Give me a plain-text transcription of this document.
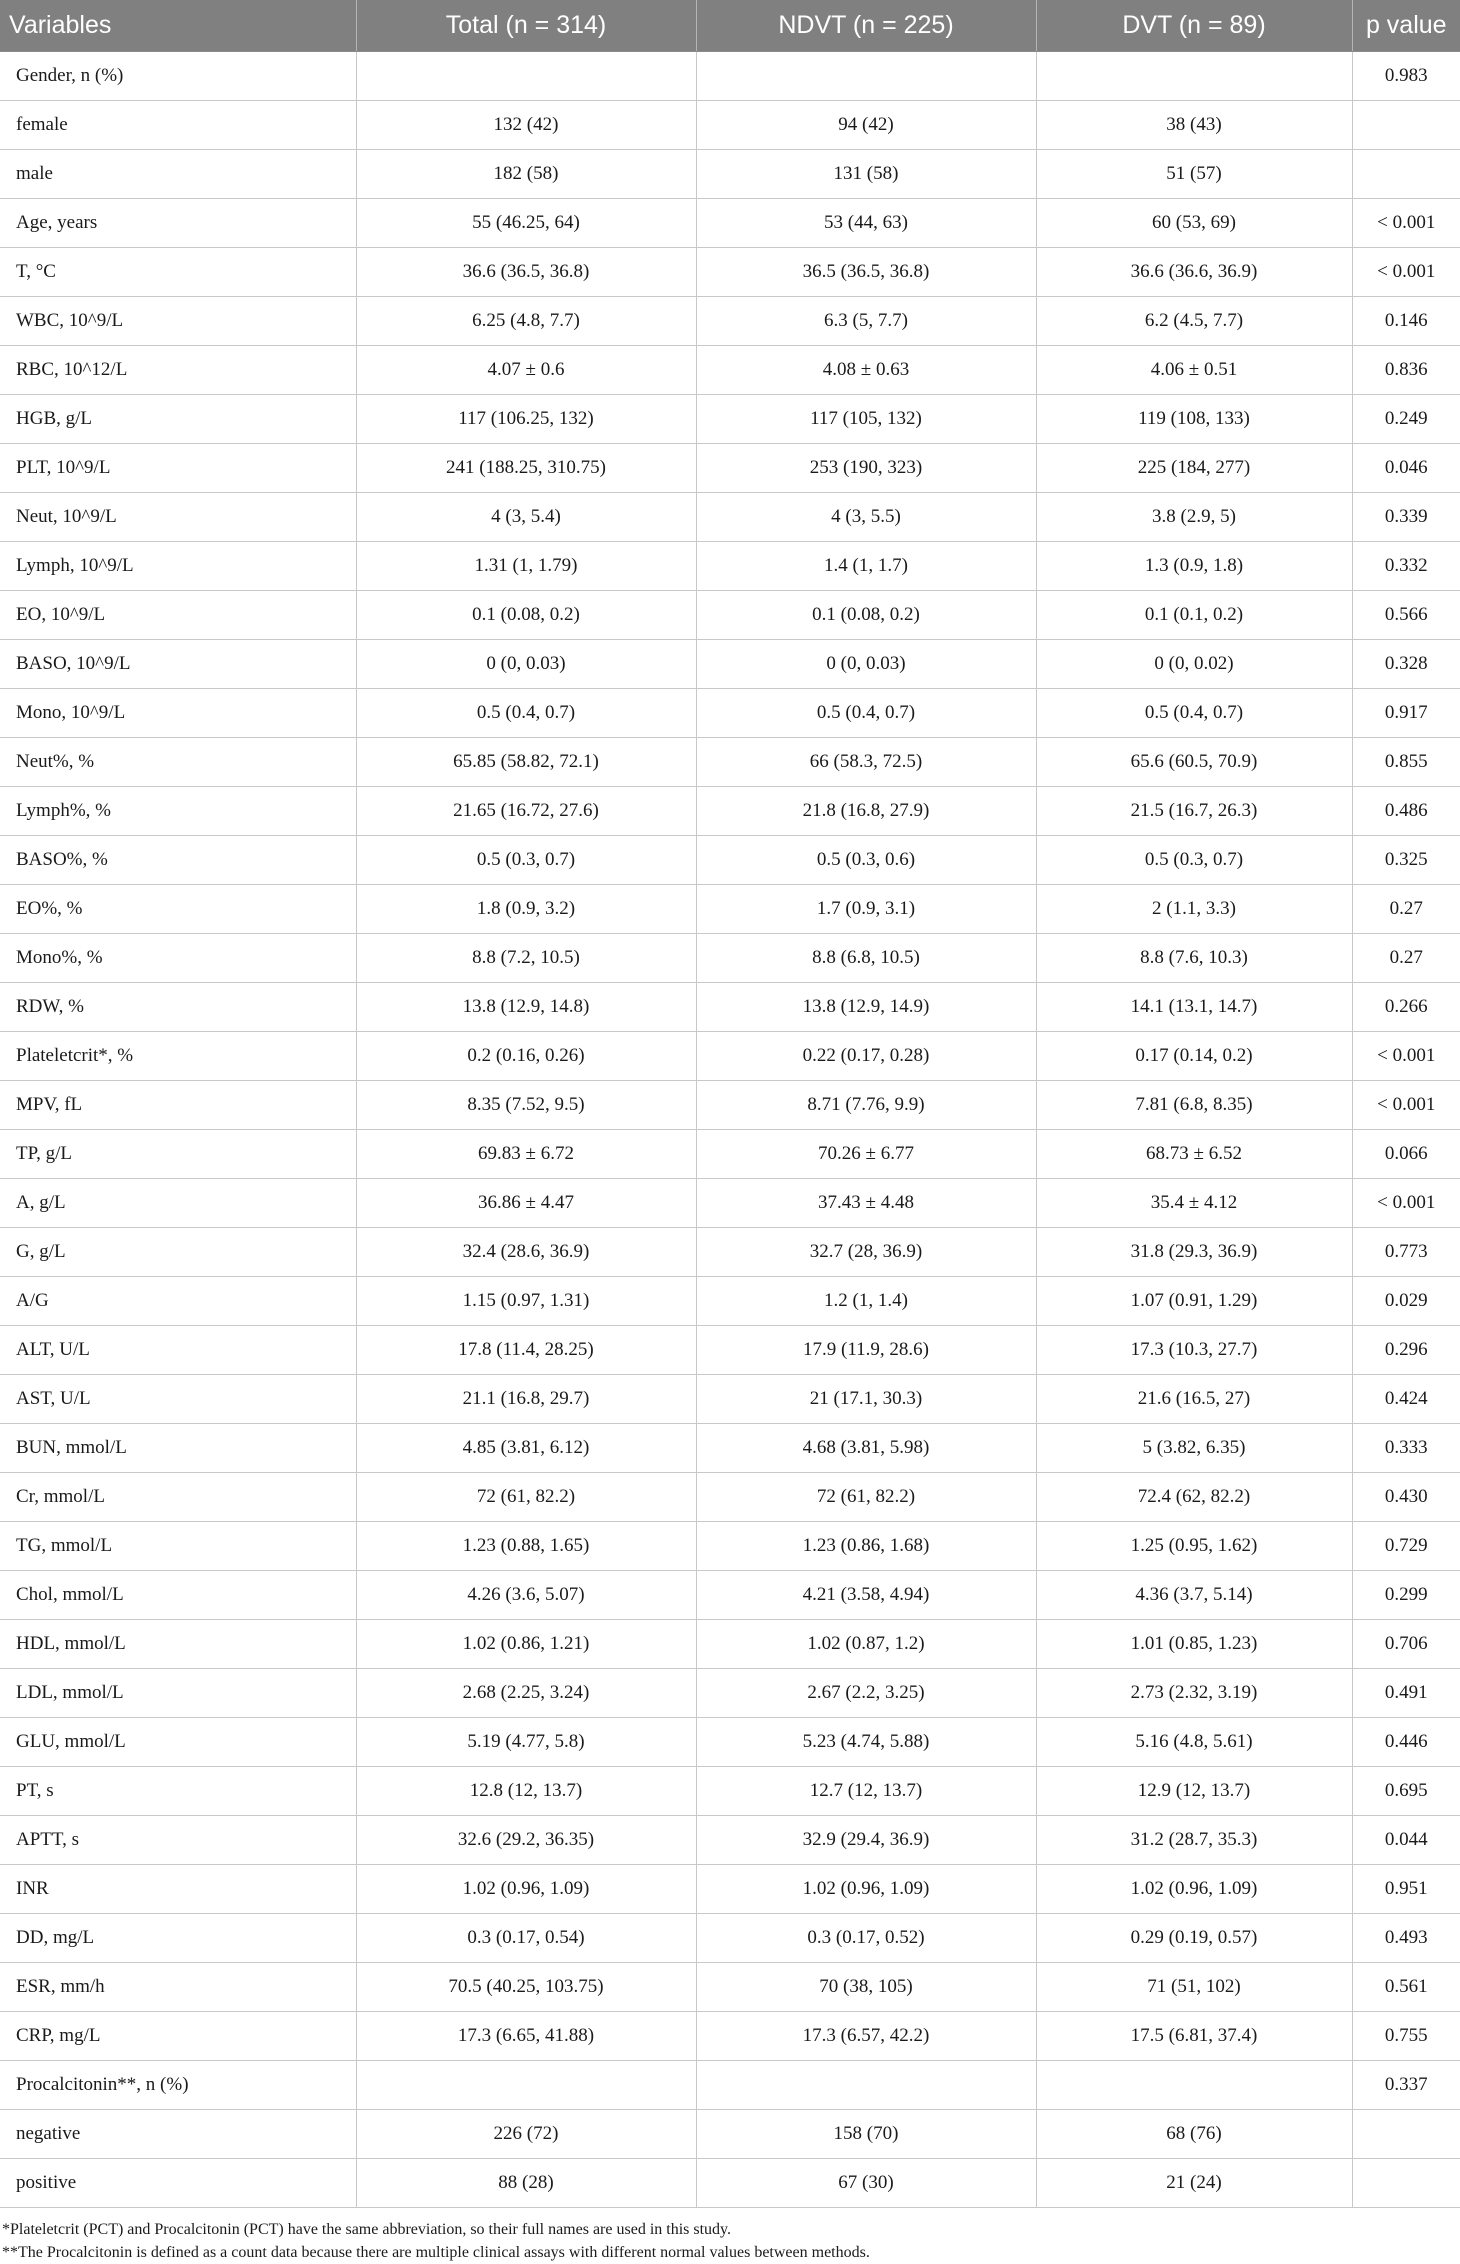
Variables	Total (n = 314)	NDVT (n = 225)	DVT (n = 89)	p value
Gender, n (%)				0.983
female	132 (42)	94 (42)	38 (43)	
male	182 (58)	131 (58)	51 (57)	
Age, years	55 (46.25, 64)	53 (44, 63)	60 (53, 69)	< 0.001
T, °C	36.6 (36.5, 36.8)	36.5 (36.5, 36.8)	36.6 (36.6, 36.9)	< 0.001
WBC, 10^9/L	6.25 (4.8, 7.7)	6.3 (5, 7.7)	6.2 (4.5, 7.7)	0.146
RBC, 10^12/L	4.07 ± 0.6	4.08 ± 0.63	4.06 ± 0.51	0.836
HGB, g/L	117 (106.25, 132)	117 (105, 132)	119 (108, 133)	0.249
PLT, 10^9/L	241 (188.25, 310.75)	253 (190, 323)	225 (184, 277)	0.046
Neut, 10^9/L	4 (3, 5.4)	4 (3, 5.5)	3.8 (2.9, 5)	0.339
Lymph, 10^9/L	1.31 (1, 1.79)	1.4 (1, 1.7)	1.3 (0.9, 1.8)	0.332
EO, 10^9/L	0.1 (0.08, 0.2)	0.1 (0.08, 0.2)	0.1 (0.1, 0.2)	0.566
BASO, 10^9/L	0 (0, 0.03)	0 (0, 0.03)	0 (0, 0.02)	0.328
Mono, 10^9/L	0.5 (0.4, 0.7)	0.5 (0.4, 0.7)	0.5 (0.4, 0.7)	0.917
Neut%, %	65.85 (58.82, 72.1)	66 (58.3, 72.5)	65.6 (60.5, 70.9)	0.855
Lymph%, %	21.65 (16.72, 27.6)	21.8 (16.8, 27.9)	21.5 (16.7, 26.3)	0.486
BASO%, %	0.5 (0.3, 0.7)	0.5 (0.3, 0.6)	0.5 (0.3, 0.7)	0.325
EO%, %	1.8 (0.9, 3.2)	1.7 (0.9, 3.1)	2 (1.1, 3.3)	0.27
Mono%, %	8.8 (7.2, 10.5)	8.8 (6.8, 10.5)	8.8 (7.6, 10.3)	0.27
RDW, %	13.8 (12.9, 14.8)	13.8 (12.9, 14.9)	14.1 (13.1, 14.7)	0.266
Plateletcrit*, %	0.2 (0.16, 0.26)	0.22 (0.17, 0.28)	0.17 (0.14, 0.2)	< 0.001
MPV, fL	8.35 (7.52, 9.5)	8.71 (7.76, 9.9)	7.81 (6.8, 8.35)	< 0.001
TP, g/L	69.83 ± 6.72	70.26 ± 6.77	68.73 ± 6.52	0.066
A, g/L	36.86 ± 4.47	37.43 ± 4.48	35.4 ± 4.12	< 0.001
G, g/L	32.4 (28.6, 36.9)	32.7 (28, 36.9)	31.8 (29.3, 36.9)	0.773
A/G	1.15 (0.97, 1.31)	1.2 (1, 1.4)	1.07 (0.91, 1.29)	0.029
ALT, U/L	17.8 (11.4, 28.25)	17.9 (11.9, 28.6)	17.3 (10.3, 27.7)	0.296
AST, U/L	21.1 (16.8, 29.7)	21 (17.1, 30.3)	21.6 (16.5, 27)	0.424
BUN, mmol/L	4.85 (3.81, 6.12)	4.68 (3.81, 5.98)	5 (3.82, 6.35)	0.333
Cr, mmol/L	72 (61, 82.2)	72 (61, 82.2)	72.4 (62, 82.2)	0.430
TG, mmol/L	1.23 (0.88, 1.65)	1.23 (0.86, 1.68)	1.25 (0.95, 1.62)	0.729
Chol, mmol/L	4.26 (3.6, 5.07)	4.21 (3.58, 4.94)	4.36 (3.7, 5.14)	0.299
HDL, mmol/L	1.02 (0.86, 1.21)	1.02 (0.87, 1.2)	1.01 (0.85, 1.23)	0.706
LDL, mmol/L	2.68 (2.25, 3.24)	2.67 (2.2, 3.25)	2.73 (2.32, 3.19)	0.491
GLU, mmol/L	5.19 (4.77, 5.8)	5.23 (4.74, 5.88)	5.16 (4.8, 5.61)	0.446
PT, s	12.8 (12, 13.7)	12.7 (12, 13.7)	12.9 (12, 13.7)	0.695
APTT, s	32.6 (29.2, 36.35)	32.9 (29.4, 36.9)	31.2 (28.7, 35.3)	0.044
INR	1.02 (0.96, 1.09)	1.02 (0.96, 1.09)	1.02 (0.96, 1.09)	0.951
DD, mg/L	0.3 (0.17, 0.54)	0.3 (0.17, 0.52)	0.29 (0.19, 0.57)	0.493
ESR, mm/h	70.5 (40.25, 103.75)	70 (38, 105)	71 (51, 102)	0.561
CRP, mg/L	17.3 (6.65, 41.88)	17.3 (6.57, 42.2)	17.5 (6.81, 37.4)	0.755
Procalcitonin**, n (%)				0.337
negative	226 (72)	158 (70)	68 (76)	
positive	88 (28)	67 (30)	21 (24)	
*Plateletcrit (PCT) and Procalcitonin (PCT) have the same abbreviation, so their full names are used in this study.
**The Procalcitonin is defined as a count data because there are multiple clinical assays with different normal values between methods.
